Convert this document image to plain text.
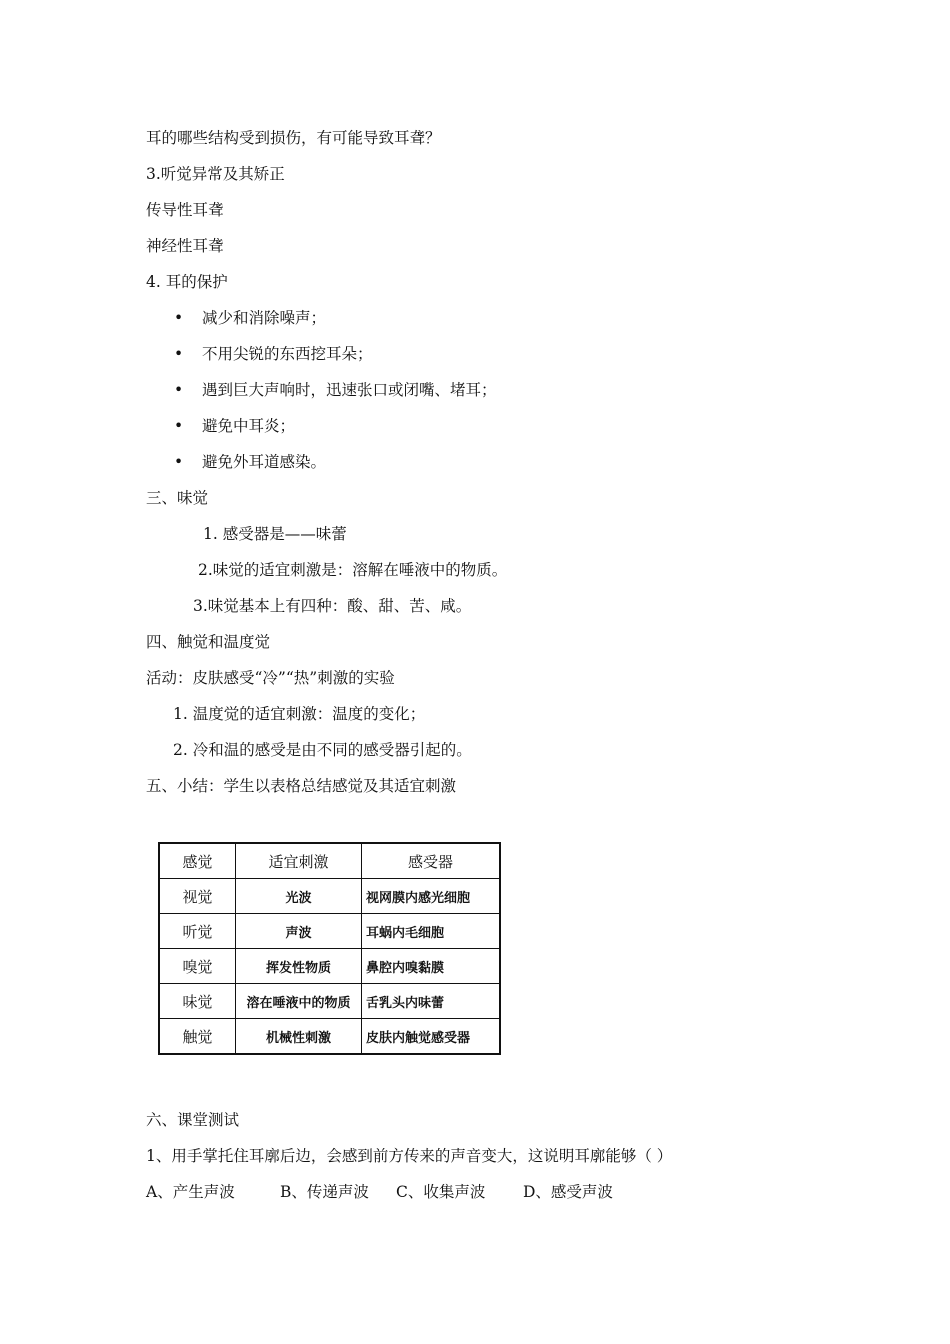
耳的哪些结构受到损伤，有可能导致耳聋？
3.听觉异常及其矫正
传导性耳聋
神经性耳聋
4. 耳的保护
• 减少和消除噪声；
• 不用尖锐的东西挖耳朵；
• 遇到巨大声响时，迅速张口或闭嘴、堵耳；
• 避免中耳炎；
• 避免外耳道感染。
三、味觉
1. 感受器是——味蕾
2.味觉的适宜刺激是：溶解在唾液中的物质。
3.味觉基本上有四种：酸、甜、苦、咸。
四、触觉和温度觉
活动：皮肤感受“冷”“热”刺激的实验
1. 温度觉的适宜刺激：温度的变化；
2. 冷和温的感受是由不同的感受器引起的。
五、小结：学生以表格总结感觉及其适宜刺激
感觉	适宜刺激	感受器
视觉	光波	视网膜内感光细胞
听觉	声波	耳蜗内毛细胞
嗅觉	挥发性物质	鼻腔内嗅黏膜
味觉	溶在唾液中的物质	舌乳头内味蕾
触觉	机械性刺激	皮肤内触觉感受器
六、课堂测试
1、用手掌托住耳廓后边，会感到前方传来的声音变大，这说明耳廓能够（ ）
A、产生声波	B、传递声波 C、收集声波 D、感受声波
